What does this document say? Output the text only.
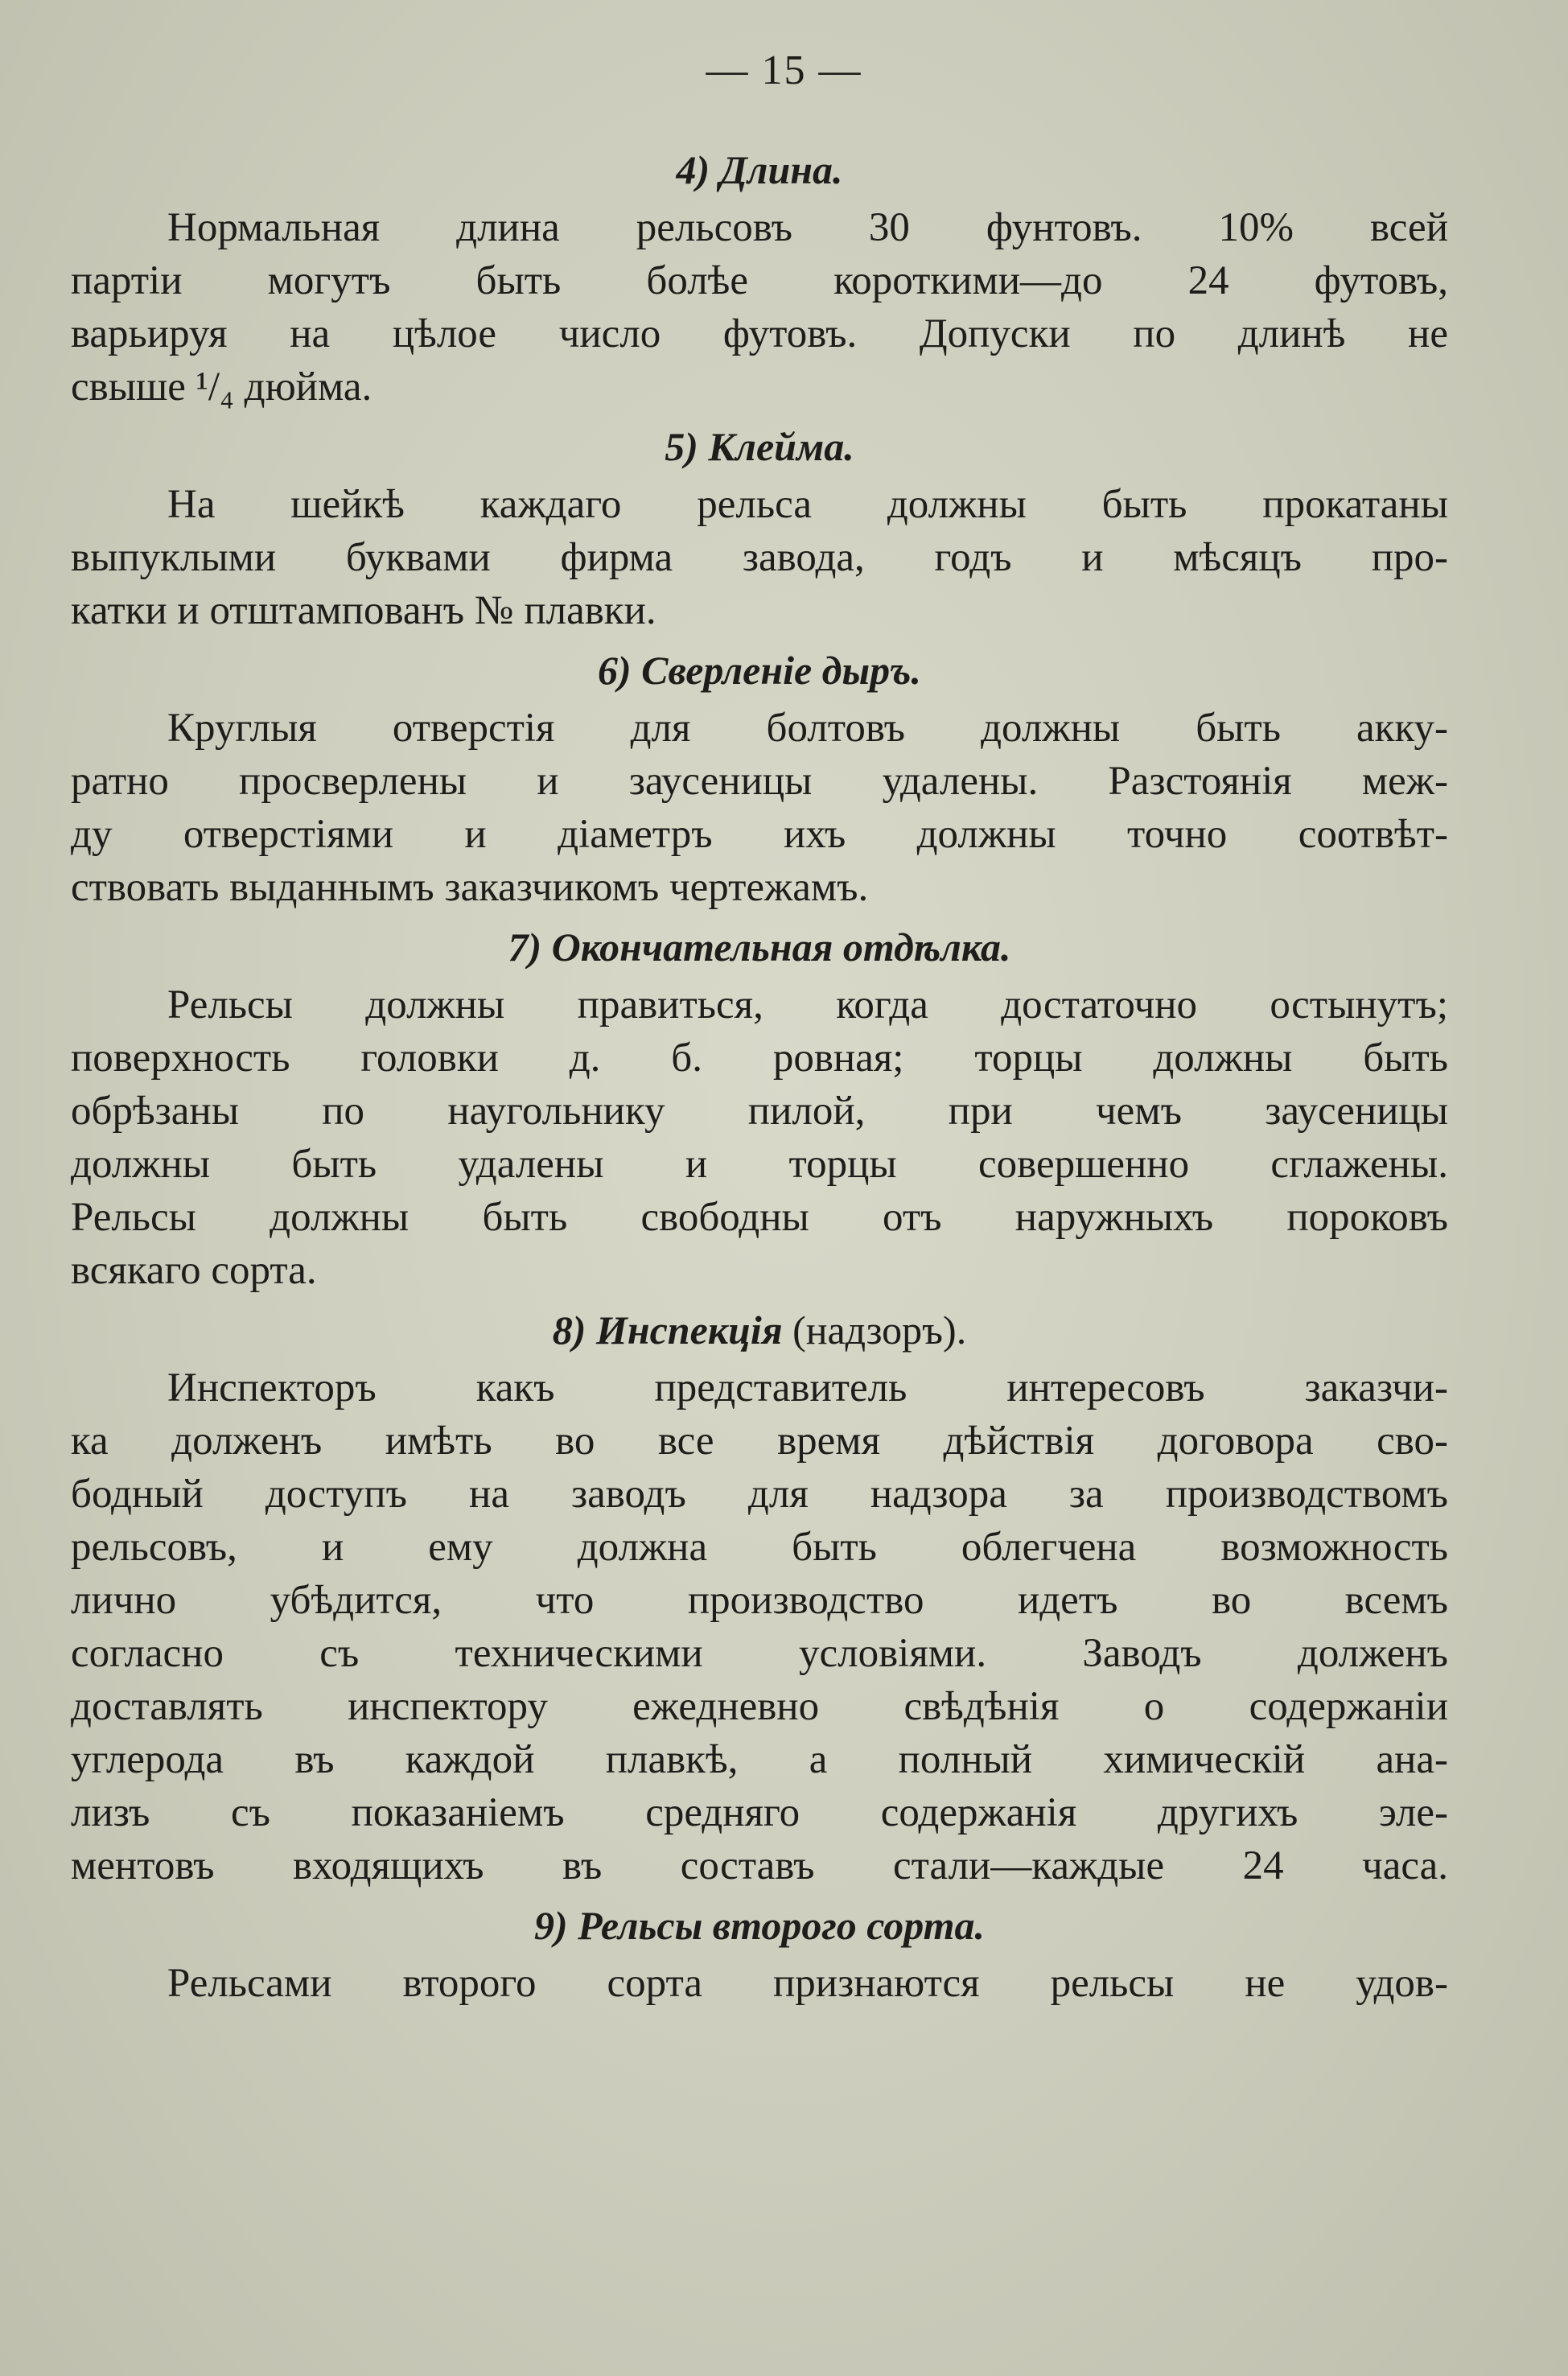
— 15 —
4) Длина.
Нормальная длина рельсовъ 30 фунтовъ. 10% всей
партіи могутъ быть болѣе короткими—до 24 футовъ,
варьируя на цѣлое число футовъ. Допуски по длинѣ не
свыше ¹/₄ дюйма.
5) Клейма.
На шейкѣ каждаго рельса должны быть прокатаны
выпуклыми буквами фирма завода, годъ и мѣсяцъ про-
катки и отштампованъ № плавки.
6) Сверленіе дыръ.
Круглыя отверстія для болтовъ должны быть акку-
ратно просверлены и заусеницы удалены. Разстоянія меж-
ду отверстіями и діаметръ ихъ должны точно соотвѣт-
ствовать выданнымъ заказчикомъ чертежамъ.
7) Окончательная отдѣлка.
Рельсы должны правиться, когда достаточно остынутъ;
поверхность головки д. б. ровная; торцы должны быть
обрѣзаны по наугольнику пилой, при чемъ заусеницы
должны быть удалены и торцы совершенно сглажены.
Рельсы должны быть свободны отъ наружныхъ пороковъ
всякаго сорта.
8) Инспекція (надзоръ).
Инспекторъ какъ представитель интересовъ заказчи-
ка долженъ имѣть во все время дѣйствія договора сво-
бодный доступъ на заводъ для надзора за производствомъ
рельсовъ, и ему должна быть облегчена возможность
лично убѣдится, что производство идетъ во всемъ
согласно съ техническими условіями. Заводъ долженъ
доставлять инспектору ежедневно свѣдѣнія о содержаніи
углерода въ каждой плавкѣ, а полный химическій ана-
лизъ съ показаніемъ средняго содержанія другихъ эле-
ментовъ входящихъ въ составъ стали—каждые 24 часа.
9) Рельсы второго сорта.
Рельсами второго сорта признаются рельсы не удов-
